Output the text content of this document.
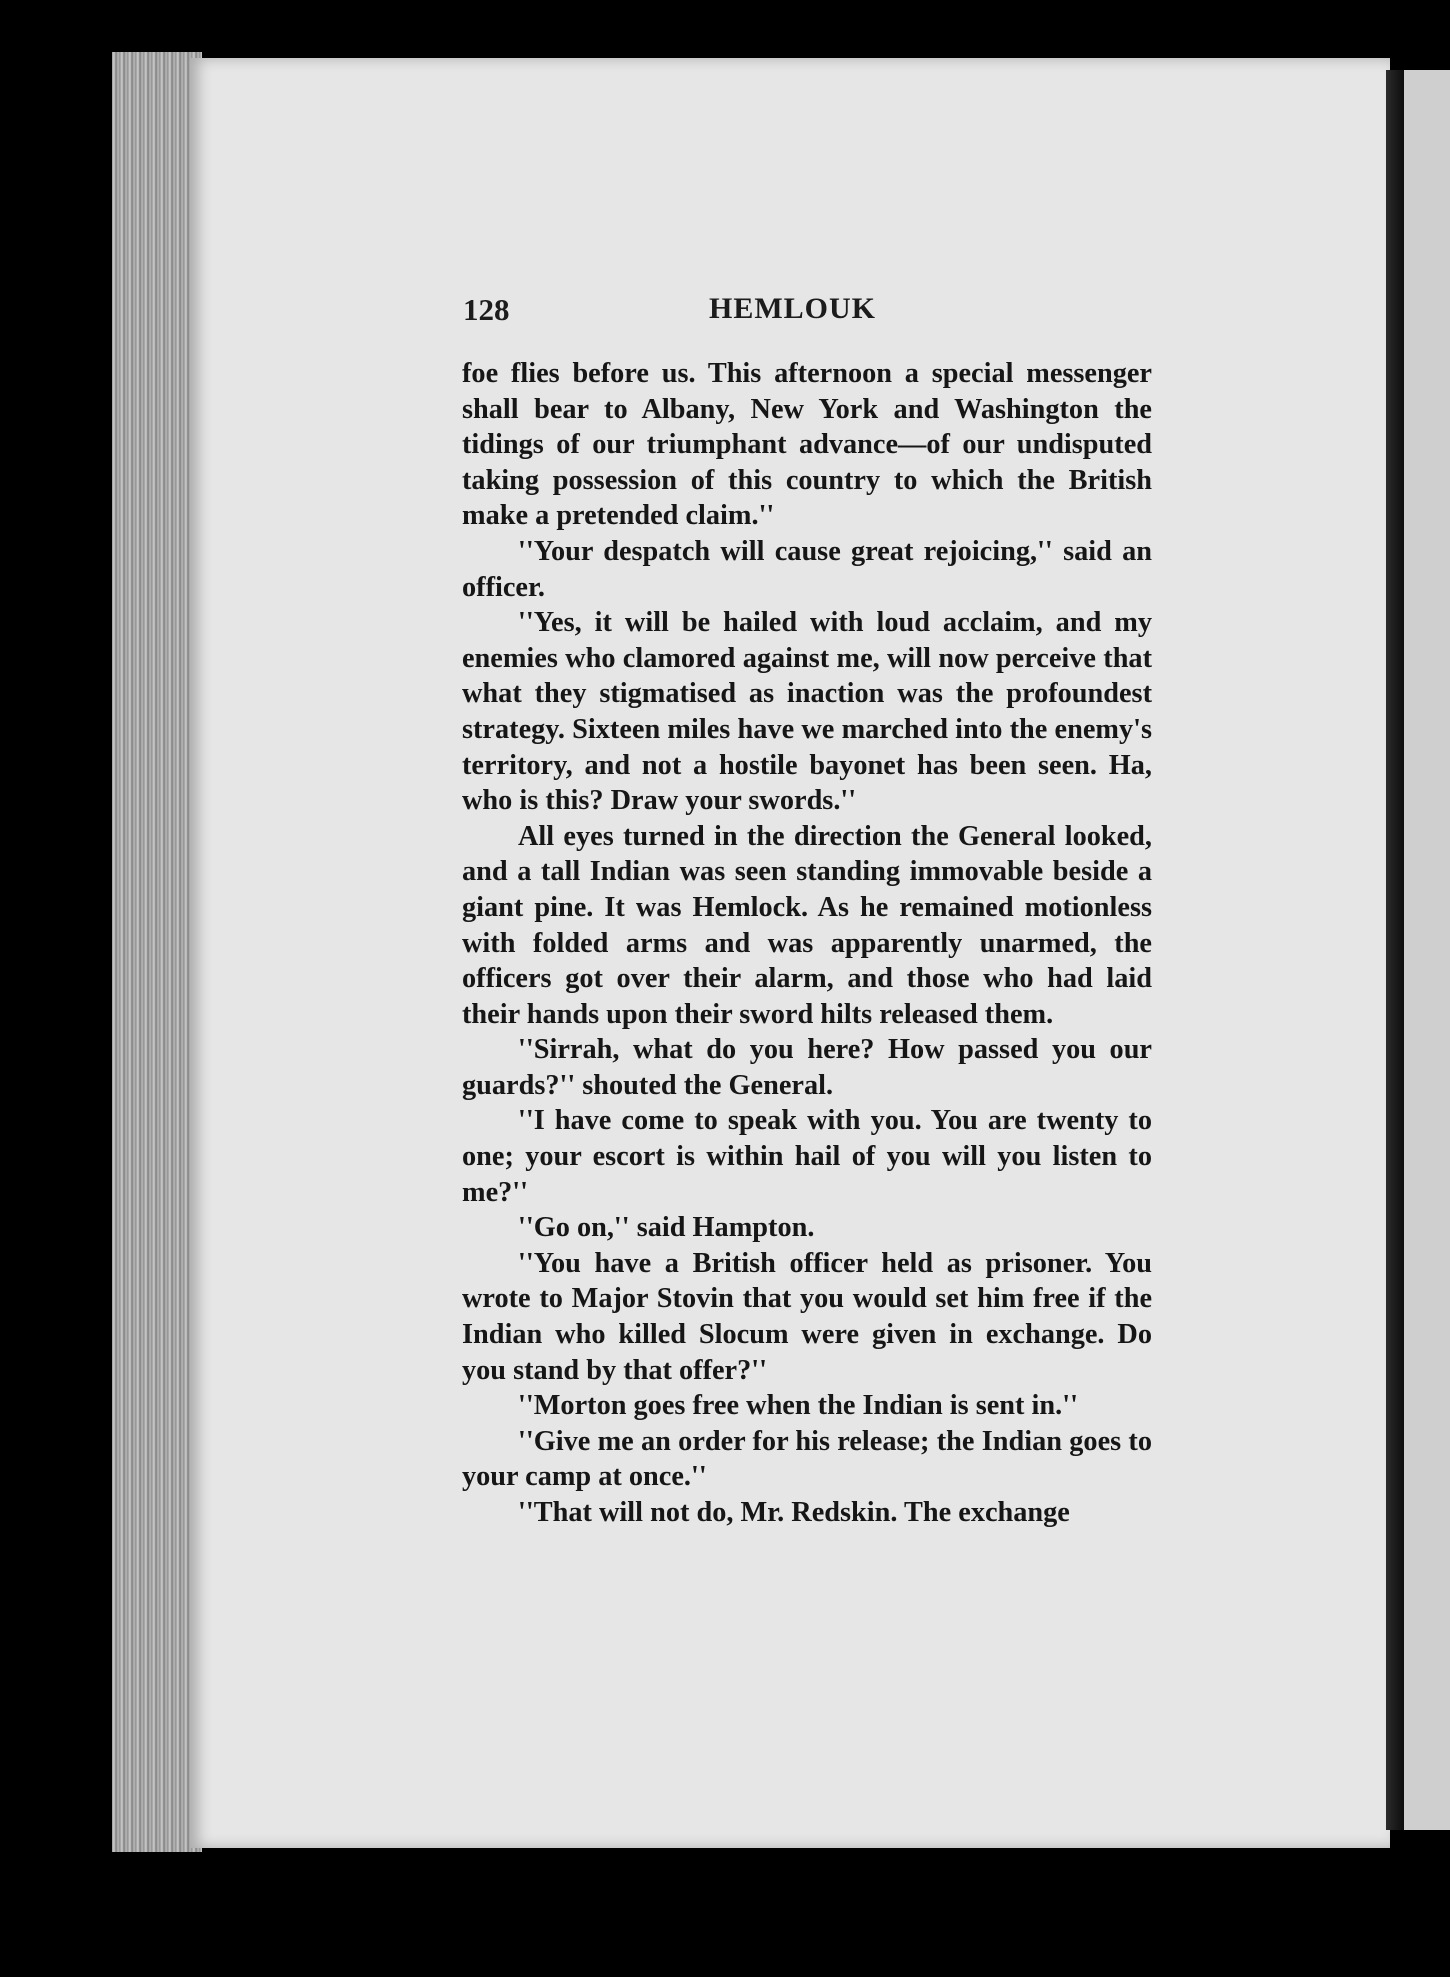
128	HEMLOUK

foe flies before us. This afternoon a special messenger shall bear to Albany, New York and Washington the tidings of our triumphant advance—of our undisputed taking possession of this country to which the British make a pretended claim.''

''Your despatch will cause great rejoicing,'' said an officer.

''Yes, it will be hailed with loud acclaim, and my enemies who clamored against me, will now perceive that what they stigmatised as inaction was the profoundest strategy. Sixteen miles have we marched into the enemy's territory, and not a hostile bayonet has been seen. Ha, who is this? Draw your swords.''

All eyes turned in the direction the General looked, and a tall Indian was seen standing immovable beside a giant pine. It was Hemlock. As he remained motionless with folded arms and was apparently unarmed, the officers got over their alarm, and those who had laid their hands upon their sword hilts released them.

''Sirrah, what do you here? How passed you our guards?'' shouted the General.

''I have come to speak with you. You are twenty to one; your escort is within hail of you will you listen to me?''

''Go on,'' said Hampton.

''You have a British officer held as prisoner. You wrote to Major Stovin that you would set him free if the Indian who killed Slocum were given in exchange. Do you stand by that offer?''

''Morton goes free when the Indian is sent in.''

''Give me an order for his release; the Indian goes to your camp at once.''

''That will not do, Mr. Redskin. The exchange
